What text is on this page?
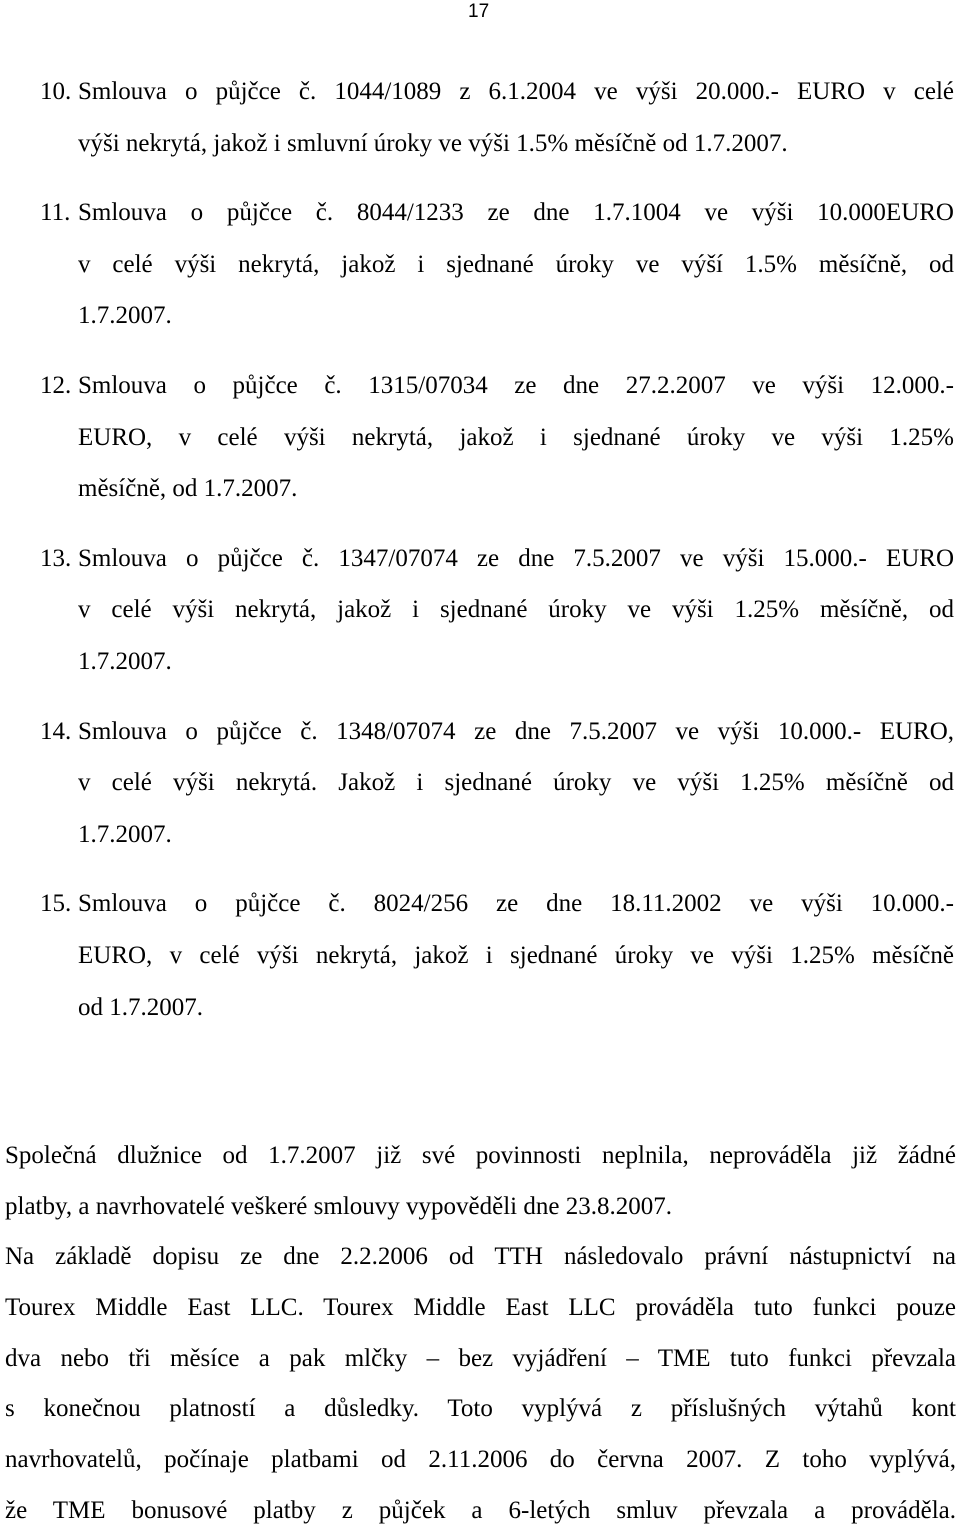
17
10. Smlouva o půjčce č. 1044/1089 z 6.1.2004 ve výši 20.000.- EURO v celé
výši nekrytá, jakož i smluvní úroky ve výši 1.5% měsíčně od 1.7.2007.
11. Smlouva o půjčce č. 8044/1233 ze dne 1.7.1004 ve výši 10.000EURO
v celé výši nekrytá, jakož i sjednané úroky ve výší 1.5% měsíčně, od
1.7.2007.
12. Smlouva o půjčce č. 1315/07034 ze dne 27.2.2007 ve výši 12.000.-
EURO, v celé výši nekrytá, jakož i sjednané úroky ve výši 1.25%
měsíčně, od 1.7.2007.
13. Smlouva o půjčce č. 1347/07074 ze dne 7.5.2007 ve výši 15.000.- EURO
v celé výši nekrytá, jakož i sjednané úroky ve výši 1.25% měsíčně, od
1.7.2007.
14. Smlouva o půjčce č. 1348/07074 ze dne 7.5.2007 ve výši 10.000.- EURO,
v celé výši nekrytá. Jakož i sjednané úroky ve výši 1.25% měsíčně od
1.7.2007.
15. Smlouva o půjčce č. 8024/256 ze dne 18.11.2002 ve výši 10.000.-
EURO, v celé výši nekrytá, jakož i sjednané úroky ve výši 1.25% měsíčně
od 1.7.2007.
Společná dlužnice od 1.7.2007 již své povinnosti neplnila, neprováděla již žádné
platby, a navrhovatelé veškeré smlouvy vypověděli dne 23.8.2007.
Na základě dopisu ze dne 2.2.2006 od TTH následovalo právní nástupnictví na
Tourex Middle East LLC. Tourex Middle East LLC prováděla tuto funkci pouze
dva nebo tři měsíce a pak mlčky – bez vyjádření – TME tuto funkci převzala
s konečnou platností a důsledky. Toto vyplývá z příslušných výtahů kont
navrhovatelů, počínaje platbami od 2.11.2006 do června 2007. Z toho vyplývá,
že TME bonusové platby z půjček a 6-letých smluv převzala a prováděla.
